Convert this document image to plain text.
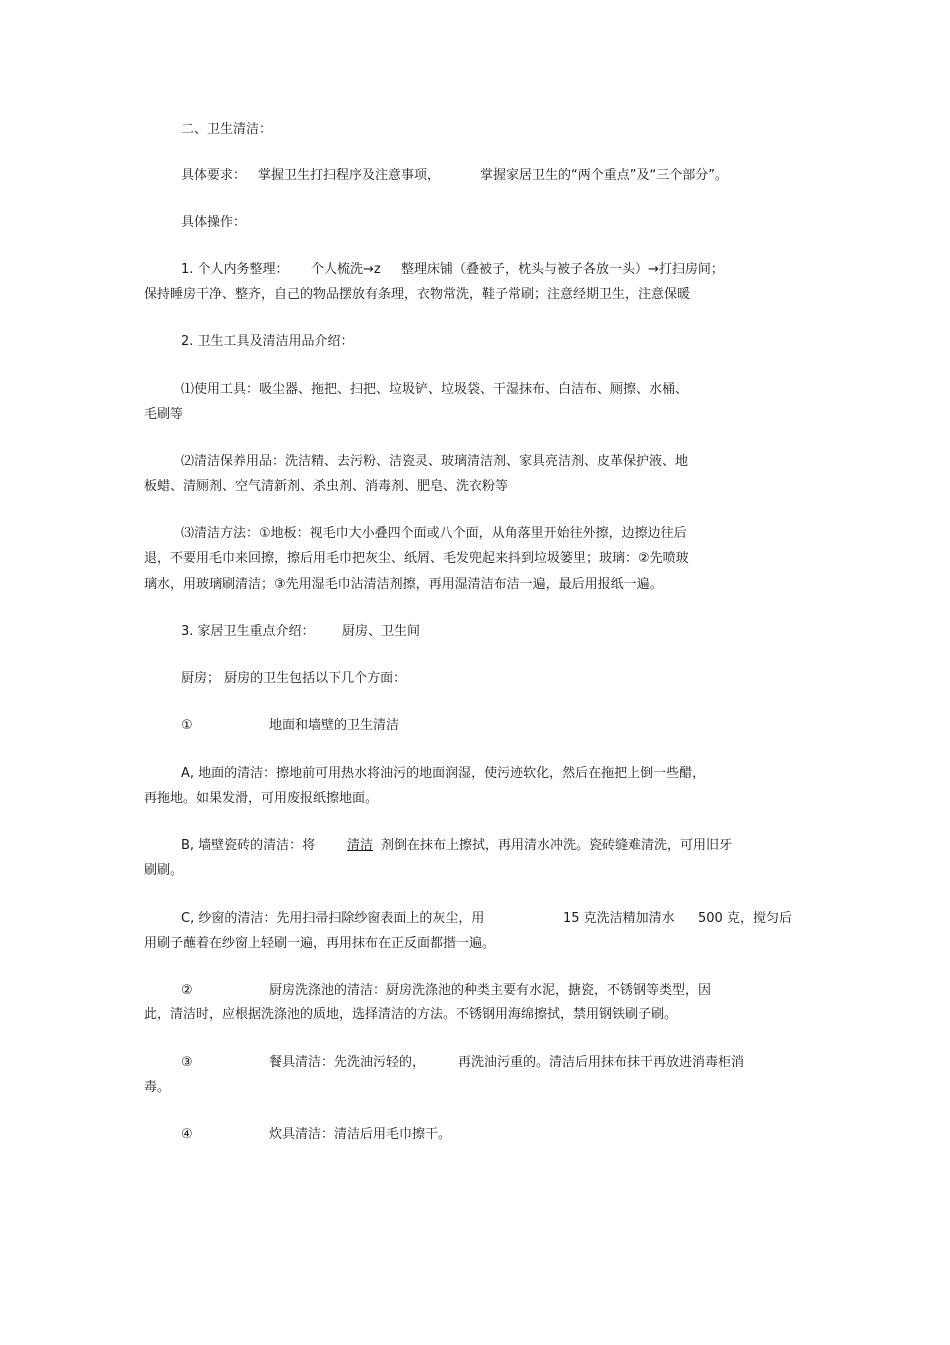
二、卫生清洁：
具体要求： 掌握卫生打扫程序及注意事项，	掌握家居卫生的“两个重点”及“三个部分”。
具体操作：
1. 个人内务整理： 个人梳洗→z 整理床铺（叠被子，枕头与被子各放一头）→打扫房间；
保持睡房干净、整齐，自己的物品摆放有条理，衣物常洗，鞋子常刷；注意经期卫生，注意保暖
2. 卫生工具及清洁用品介绍：
⑴使用工具：吸尘器、拖把、扫把、垃圾铲、垃圾袋、干湿抹布、白洁布、厕擦、水桶、
毛刷等
⑵清洁保养用品：洗洁精、去污粉、洁瓷灵、玻璃清洁剂、家具亮洁剂、皮革保护液、地
板蜡、清厕剂、空气清新剂、杀虫剂、消毒剂、肥皂、洗衣粉等
⑶清洁方法：①地板：视毛巾大小叠四个面或八个面，从角落里开始往外擦，边擦边往后
退，不要用毛巾来回擦，擦后用毛巾把灰尘、纸屑、毛发兜起来抖到垃圾篓里；玻璃：②先喷玻
璃水，用玻璃刷清洁；③先用湿毛巾沾清洁剂擦，再用湿清洁布洁一遍，最后用报纸一遍。
3. 家居卫生重点介绍： 厨房、卫生间
厨房； 厨房的卫生包括以下几个方面：
①	地面和墙壁的卫生清洁
A, 地面的清洁：擦地前可用热水将油污的地面润湿，使污迹软化，然后在拖把上倒一些醋，
再拖地。如果发滑，可用废报纸擦地面。
B, 墙壁瓷砖的清洁：将 清洁 剂倒在抹布上擦拭，再用清水冲洗。瓷砖缝难清洗，可用旧牙
刷刷。
C, 纱窗的清洁：先用扫帚扫除纱窗表面上的灰尘，用	15 克洗洁精加清水 500 克，搅匀后
用刷子蘸着在纱窗上轻刷一遍，再用抹布在正反面都揩一遍。
②	厨房洗涤池的清洁：厨房洗涤池的种类主要有水泥，搪瓷，不锈钢等类型，因
此，清洁时，应根据洗涤池的质地，选择清洁的方法。不锈钢用海绵擦拭，禁用钢铁刷子刷。
③	餐具清洁：先洗油污轻的，	再洗油污重的。清洁后用抹布抹干再放进消毒柜消
毒。
④	炊具清洁：清洁后用毛巾擦干。
